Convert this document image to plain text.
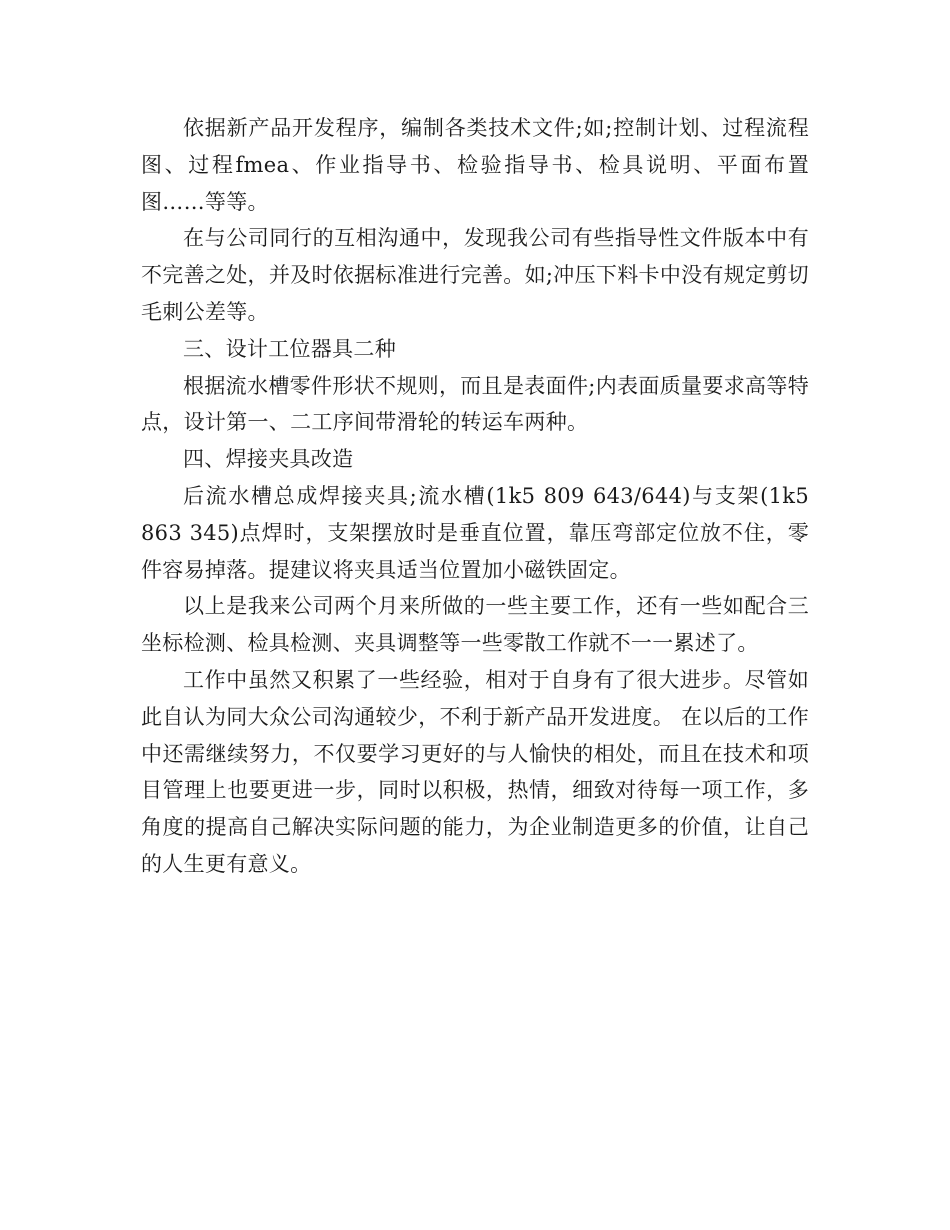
依据新产品开发程序，编制各类技术文件;如;控制计划、过程流程图、过程fmea、作业指导书、检验指导书、检具说明、平面布置图……等等。

在与公司同行的互相沟通中，发现我公司有些指导性文件版本中有不完善之处，并及时依据标准进行完善。如;冲压下料卡中没有规定剪切毛刺公差等。

三、设计工位器具二种

根据流水槽零件形状不规则，而且是表面件;内表面质量要求高等特点，设计第一、二工序间带滑轮的转运车两种。

四、焊接夹具改造

后流水槽总成焊接夹具;流水槽(1k5 809 643/644)与支架(1k5 863 345)点焊时，支架摆放时是垂直位置，靠压弯部定位放不住，零件容易掉落。提建议将夹具适当位置加小磁铁固定。

以上是我来公司两个月来所做的一些主要工作，还有一些如配合三坐标检测、检具检测、夹具调整等一些零散工作就不一一累述了。

工作中虽然又积累了一些经验，相对于自身有了很大进步。尽管如此自认为同大众公司沟通较少，不利于新产品开发进度。 在以后的工作中还需继续努力，不仅要学习更好的与人愉快的相处，而且在技术和项目管理上也要更进一步，同时以积极，热情，细致对待每一项工作，多角度的提高自己解决实际问题的能力，为企业制造更多的价值，让自己的人生更有意义。
